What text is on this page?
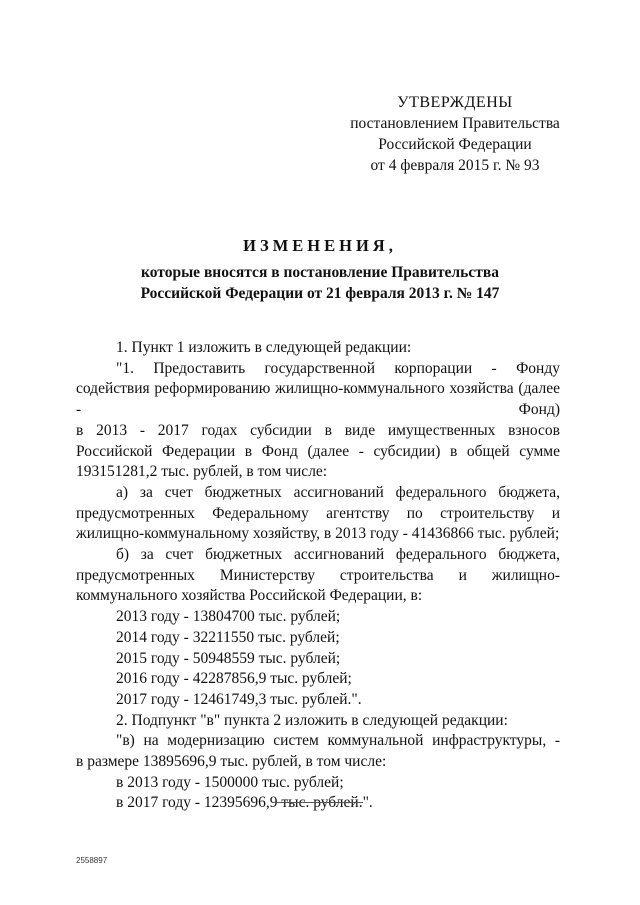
УТВЕРЖДЕНЫ
постановлением Правительства
Российской Федерации
от 4 февраля 2015 г. № 93
ИЗМЕНЕНИЯ,
которые вносятся в постановление Правительства
Российской Федерации от 21 февраля 2013 г. № 147

1. Пункт 1 изложить в следующей редакции:

"1. Предоставить государственной корпорации - Фонду содействия реформированию жилищно-коммунального хозяйства (далее - Фонд)

в 2013 - 2017 годах субсидии в виде имущественных взносов

Российской Федерации в Фонд (далее - субсидии) в общей сумме 193151281,2 тыс. рублей, в том числе:

а) за счет бюджетных ассигнований федерального бюджета, предусмотренных Федеральному агентству по строительству и жилищно-коммунальному хозяйству, в 2013 году - 41436866 тыс. рублей;

б) за счет бюджетных ассигнований федерального бюджета,

предусмотренных Министерству строительства и жилищно-

коммунального хозяйства Российской Федерации, в:

2013 году - 13804700 тыс. рублей;

2014 году - 32211550 тыс. рублей;

2015 году - 50948559 тыс. рублей;

2016 году - 42287856,9 тыс. рублей;

2017 году - 12461749,3 тыс. рублей.".

2. Подпункт "в" пункта 2 изложить в следующей редакции:

"в) на модернизацию систем коммунальной инфраструктуры, -

в размере 13895696,9 тыс. рублей, в том числе:

в 2013 году - 1500000 тыс. рублей;

в 2017 году - 12395696,9 тыс. рублей.".

2558897
